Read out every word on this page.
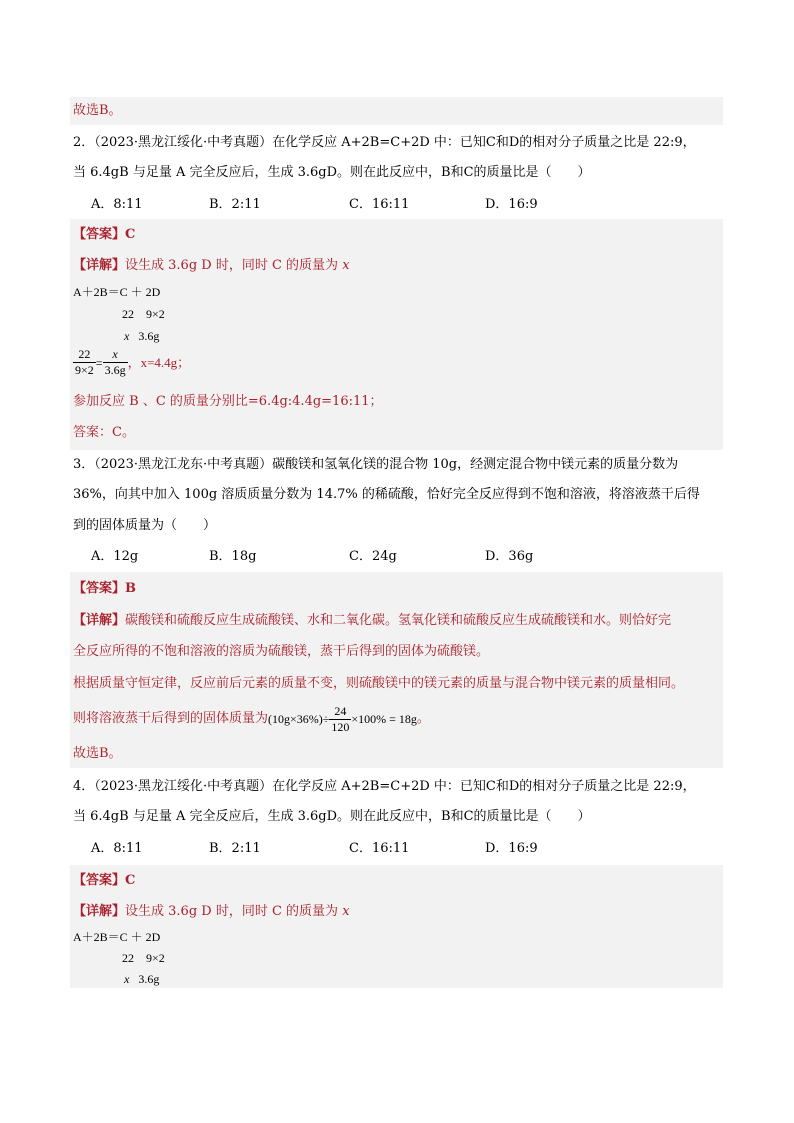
故选B。
2．（2023·黑龙江绥化·中考真题）在化学反应 A+2B=C+2D 中：已知C和D的相对分子质量之比是 22:9，
当 6.4gB 与足量 A 完全反应后，生成 3.6gD。则在此反应中，B和C的质量比是（　　）
A．8:11	B．2:11	C．16:11	D．16:9
【答案】C
【详解】设生成 3.6g D 时，同时 C 的质量为 x
A＋2B＝C ＋ 2D
22　9×2
x 3.6g
$\frac{22}{9\times 2} = \frac{x}{3.6g}$ ，x=4.4g；
参加反应 B 、C 的质量分别比=6.4g:4.4g=16:11；
答案：C。
3．（2023·黑龙江龙东·中考真题）碳酸镁和氢氧化镁的混合物 10g，经测定混合物中镁元素的质量分数为
36%，向其中加入 100g 溶质质量分数为 14.7% 的稀硫酸，恰好完全反应得到不饱和溶液，将溶液蒸干后得
到的固体质量为（　　）
A．12g	B．18g	C．24g	D．36g
【答案】B
【详解】碳酸镁和硫酸反应生成硫酸镁、水和二氧化碳。氢氧化镁和硫酸反应生成硫酸镁和水。则恰好完
全反应所得的不饱和溶液的溶质为硫酸镁，蒸干后得到的固体为硫酸镁。
根据质量守恒定律，反应前后元素的质量不变，则硫酸镁中的镁元素的质量与混合物中镁元素的质量相同。
则将溶液蒸干后得到的固体质量为$(10g\times 36\%)\div \frac{24}{120} \times 100\% = 18g$。
故选B。
4．（2023·黑龙江绥化·中考真题）在化学反应 A+2B=C+2D 中：已知C和D的相对分子质量之比是 22:9，
当 6.4gB 与足量 A 完全反应后，生成 3.6gD。则在此反应中，B和C的质量比是（　　）
A．8:11	B．2:11	C．16:11	D．16:9
【答案】C
【详解】设生成 3.6g D 时，同时 C 的质量为 x
A＋2B＝C ＋ 2D
22　9×2
x 3.6g
